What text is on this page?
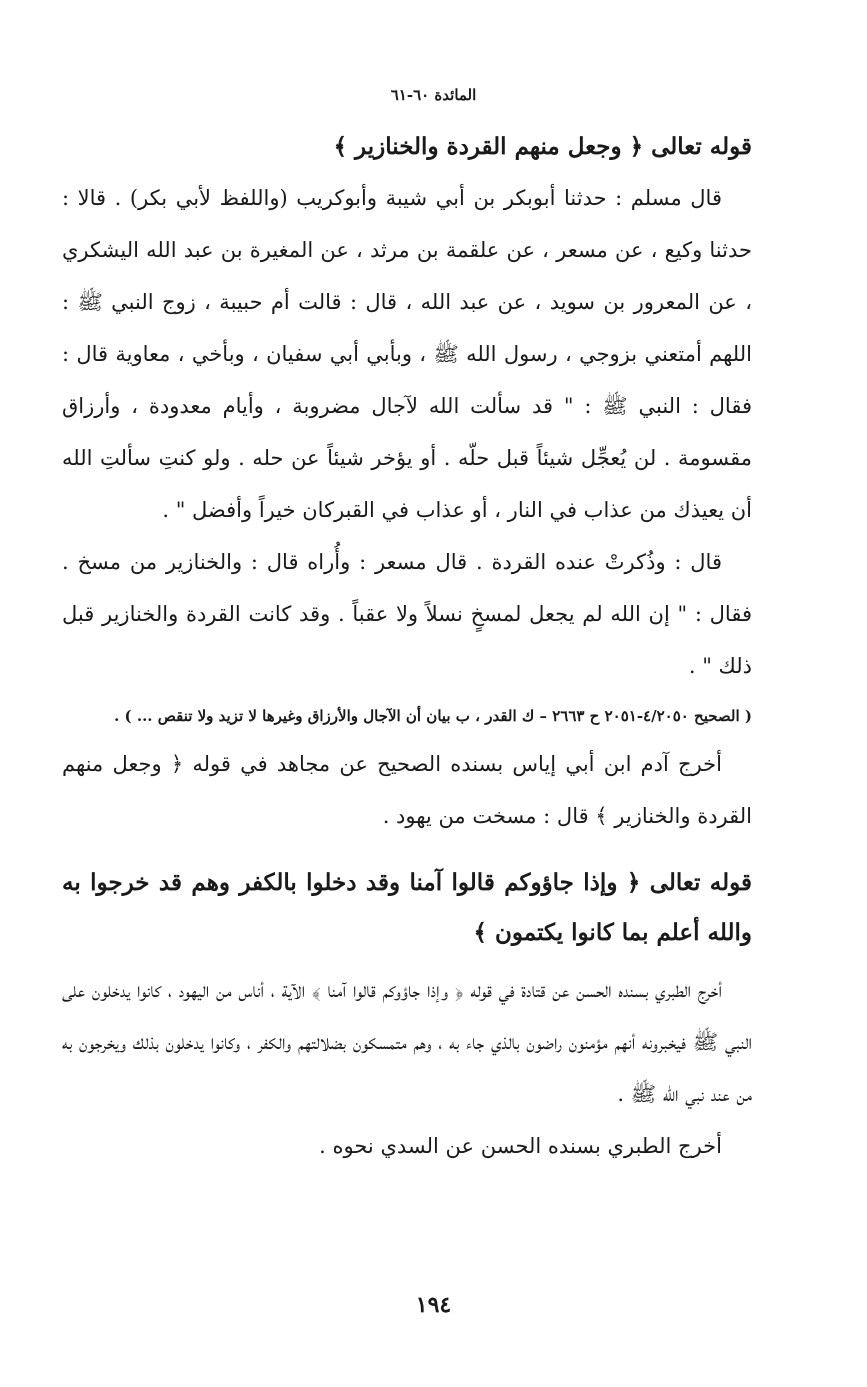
المائدة ٦٠-٦١
قوله تعالى ﴿ وجعل منهم القردة والخنازير ﴾

قال مسلم : حدثنا أبوبكر بن أبي شيبة وأبوكريب (واللفظ لأبي بكر) . قالا : حدثنا وكيع ، عن مسعر ، عن علقمة بن مرثد ، عن المغيرة بن عبد الله اليشكري ، عن المعرور بن سويد ، عن عبد الله ، قال : قالت أم حبيبة ، زوج النبي ﷺ : اللهم أمتعني بزوجي ، رسول الله ﷺ ، وبأبي أبي سفيان ، وبأخي ، معاوية قال : فقال : النبي ﷺ : " قد سألت الله لآجال مضروبة ، وأيام معدودة ، وأرزاق مقسومة . لن يُعجِّل شيئاً قبل حلّه . أو يؤخر شيئاً عن حله . ولو كنتِ سألتِ الله أن يعيذك من عذاب في النار ، أو عذاب في القبركان خيراً وأفضل " .

قال : وذُكرتْ عنده القردة . قال مسعر : وأُراه قال : والخنازير من مسخ . فقال : " إن الله لم يجعل لمسخٍ نسلاً ولا عقباً . وقد كانت القردة والخنازير قبل ذلك " .

( الصحيح ٤/٢٠٥٠-٢٠٥١ ح ٢٦٦٣ – ك القدر ، ب بيان أن الآجال والأرزاق وغيرها لا تزيد ولا تنقص ... ) .

أخرج آدم ابن أبي إياس بسنده الصحيح عن مجاهد في قوله ﴿ وجعل منهم القردة والخنازير ﴾ قال : مسخت من يهود .

قوله تعالى ﴿ وإذا جاؤوكم قالوا آمنا وقد دخلوا بالكفر وهم قد خرجوا به والله أعلم بما كانوا يكتمون ﴾

أخرج الطبري بسنده الحسن عن قتادة في قوله ﴿ وإذا جاؤوكم قالوا آمنا ﴾ الآية ، أناس من اليهود ، كانوا يدخلون على النبي ﷺ فيخبرونه أنهم مؤمنون راضون بالذي جاء به ، وهم متمسكون بضلالتهم والكفر ، وكانوا يدخلون بذلك ويخرجون به من عند نبي الله ﷺ .

أخرج الطبري بسنده الحسن عن السدي نحوه .

١٩٤
